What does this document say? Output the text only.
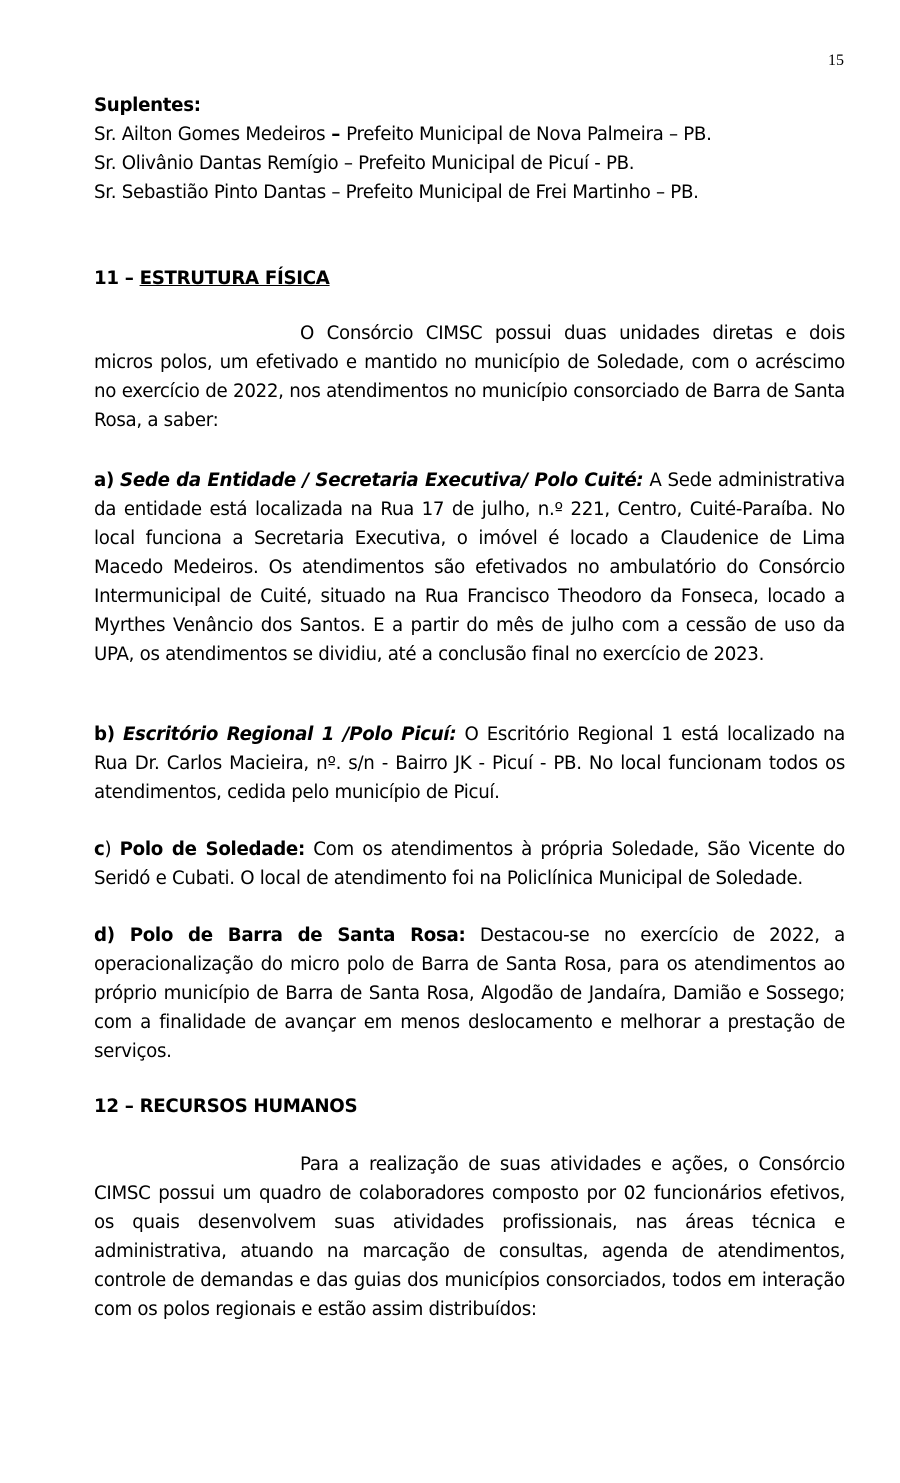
15

Suplentes:

Sr. Ailton Gomes Medeiros – Prefeito Municipal de Nova Palmeira – PB.

Sr. Olivânio Dantas Remígio – Prefeito Municipal de Picuí - PB.

Sr. Sebastião Pinto Dantas – Prefeito Municipal de Frei Martinho – PB.

11 – ESTRUTURA FÍSICA

O Consórcio CIMSC possui duas unidades diretas e dois micros polos, um efetivado e mantido no município de Soledade, com o acréscimo no exercício de 2022, nos atendimentos no município consorciado de Barra de Santa Rosa, a saber:

a) Sede da Entidade / Secretaria Executiva/ Polo Cuité: A Sede administrativa da entidade está localizada na Rua 17 de julho, n.º 221, Centro, Cuité-Paraíba. No local funciona a Secretaria Executiva, o imóvel é locado a Claudenice de Lima Macedo Medeiros. Os atendimentos são efetivados no ambulatório do Consórcio Intermunicipal de Cuité, situado na Rua Francisco Theodoro da Fonseca, locado a Myrthes Venâncio dos Santos. E a partir do mês de julho com a cessão de uso da UPA, os atendimentos se dividiu, até a conclusão final no exercício de 2023.

b) Escritório Regional 1 /Polo Picuí: O Escritório Regional 1 está localizado na Rua Dr. Carlos Macieira, nº. s/n - Bairro JK - Picuí - PB. No local funcionam todos os atendimentos, cedida pelo município de Picuí.

c) Polo de Soledade: Com os atendimentos à própria Soledade, São Vicente do Seridó e Cubati. O local de atendimento foi na Policlínica Municipal de Soledade.

d) Polo de Barra de Santa Rosa: Destacou-se no exercício de 2022, a operacionalização do micro polo de Barra de Santa Rosa, para os atendimentos ao próprio município de Barra de Santa Rosa, Algodão de Jandaíra, Damião e Sossego; com a finalidade de avançar em menos deslocamento e melhorar a prestação de serviços.

12 – RECURSOS HUMANOS

Para a realização de suas atividades e ações, o Consórcio CIMSC possui um quadro de colaboradores composto por 02 funcionários efetivos, os quais desenvolvem suas atividades profissionais, nas áreas técnica e administrativa, atuando na marcação de consultas, agenda de atendimentos, controle de demandas e das guias dos municípios consorciados, todos em interação com os polos regionais e estão assim distribuídos:
